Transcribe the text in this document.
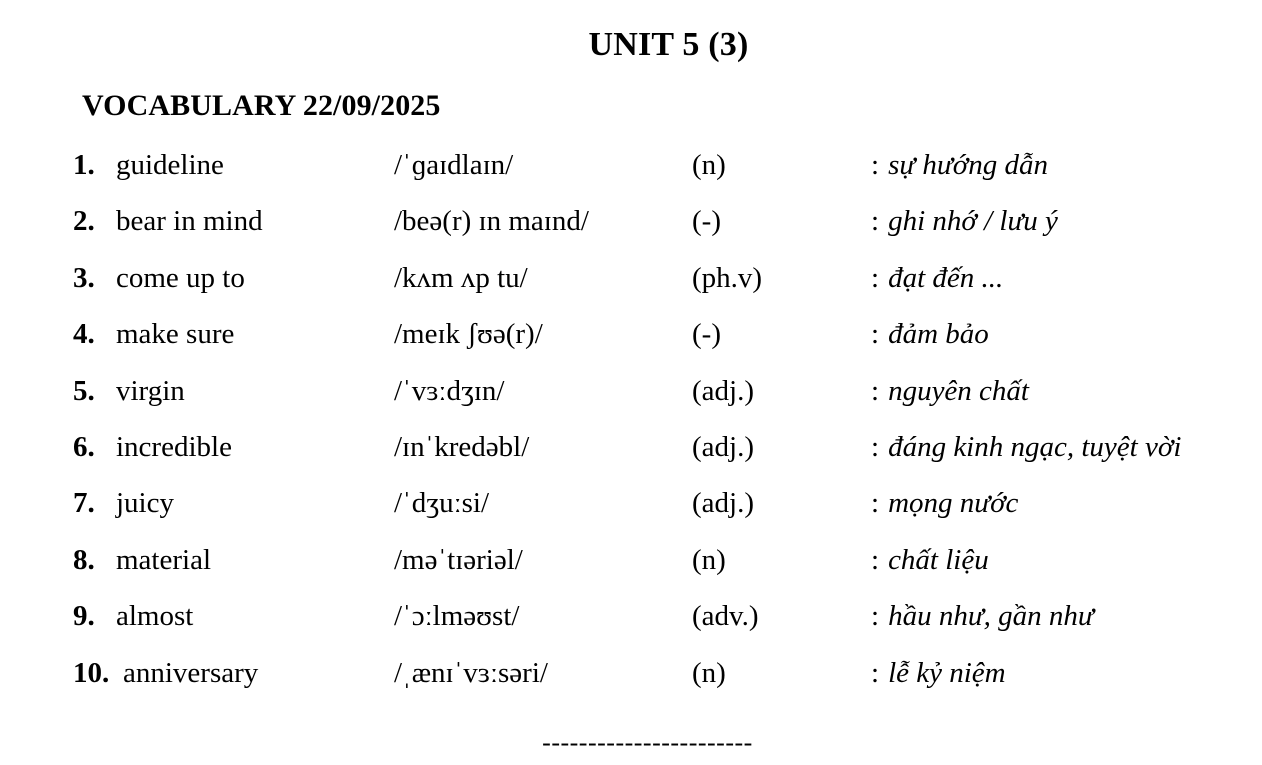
UNIT 5 (3)
VOCABULARY 22/09/2025
1. guideline	/ˈɡaɪdlaɪn/	(n)	: sự hướng dẫn
2. bear in mind	/beə(r) ɪn maɪnd/	(-)	: ghi nhớ / lưu ý
3. come up to	/kʌm ʌp tu/	(ph.v)	: đạt đến ...
4. make sure	/meɪk ʃʊə(r)/	(-)	: đảm bảo
5. virgin	/ˈvɜːdʒɪn/	(adj.)	: nguyên chất
6. incredible	/ɪnˈkredəbl/	(adj.)	: đáng kinh ngạc, tuyệt vời
7. juicy	/ˈdʒuːsi/	(adj.)	: mọng nước
8. material	/məˈtɪəriəl/	(n)	: chất liệu
9. almost	/ˈɔːlməʊst/	(adv.)	: hầu như, gần như
10. anniversary	/ˌænɪˈvɜːsəri/	(n)	: lễ kỷ niệm
-----------------------
